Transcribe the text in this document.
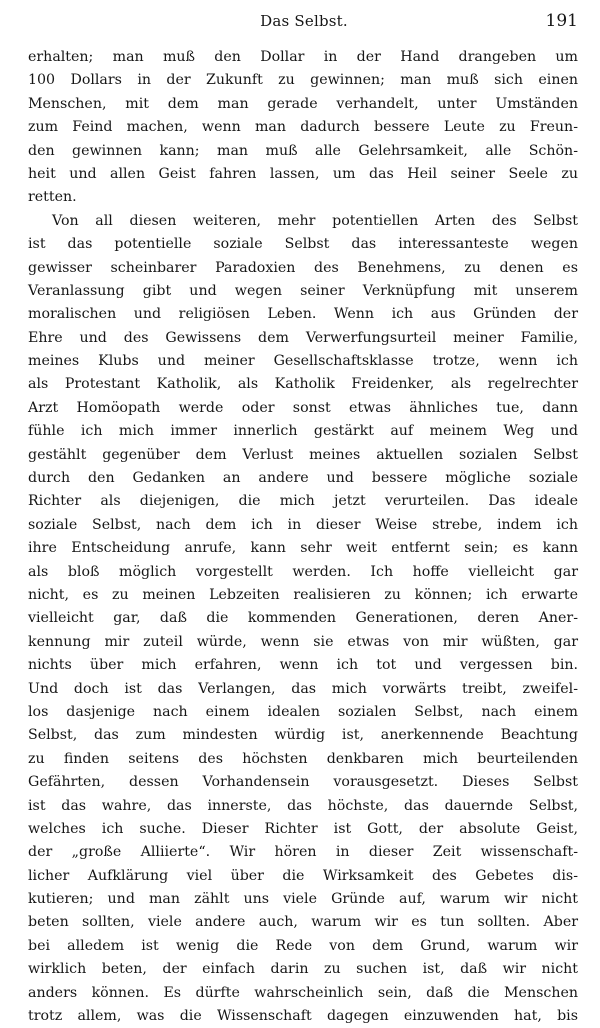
Das Selbst.	191
erhalten; man muß den Dollar in der Hand drangeben um
100 Dollars in der Zukunft zu gewinnen; man muß sich einen
Menschen, mit dem man gerade verhandelt, unter Umständen
zum Feind machen, wenn man dadurch bessere Leute zu Freun-
den gewinnen kann; man muß alle Gelehrsamkeit, alle Schön-
heit und allen Geist fahren lassen, um das Heil seiner Seele zu
retten.
Von all diesen weiteren, mehr potentiellen Arten des Selbst
ist das potentielle soziale Selbst das interessanteste wegen
gewisser scheinbarer Paradoxien des Benehmens, zu denen es
Veranlassung gibt und wegen seiner Verknüpfung mit unserem
moralischen und religiösen Leben. Wenn ich aus Gründen der
Ehre und des Gewissens dem Verwerfungsurteil meiner Familie,
meines Klubs und meiner Gesellschaftsklasse trotze, wenn ich
als Protestant Katholik, als Katholik Freidenker, als regelrechter
Arzt Homöopath werde oder sonst etwas ähnliches tue, dann
fühle ich mich immer innerlich gestärkt auf meinem Weg und
gestählt gegenüber dem Verlust meines aktuellen sozialen Selbst
durch den Gedanken an andere und bessere mögliche soziale
Richter als diejenigen, die mich jetzt verurteilen. Das ideale
soziale Selbst, nach dem ich in dieser Weise strebe, indem ich
ihre Entscheidung anrufe, kann sehr weit entfernt sein; es kann
als bloß möglich vorgestellt werden. Ich hoffe vielleicht gar
nicht, es zu meinen Lebzeiten realisieren zu können; ich erwarte
vielleicht gar, daß die kommenden Generationen, deren Aner-
kennung mir zuteil würde, wenn sie etwas von mir wüßten, gar
nichts über mich erfahren, wenn ich tot und vergessen bin.
Und doch ist das Verlangen, das mich vorwärts treibt, zweifel-
los dasjenige nach einem idealen sozialen Selbst, nach einem
Selbst, das zum mindesten würdig ist, anerkennende Beachtung
zu finden seitens des höchsten denkbaren mich beurteilenden
Gefährten, dessen Vorhandensein vorausgesetzt. Dieses Selbst
ist das wahre, das innerste, das höchste, das dauernde Selbst,
welches ich suche. Dieser Richter ist Gott, der absolute Geist,
der „große Alliierte“. Wir hören in dieser Zeit wissenschaft-
licher Aufklärung viel über die Wirksamkeit des Gebetes dis-
kutieren; und man zählt uns viele Gründe auf, warum wir nicht
beten sollten, viele andere auch, warum wir es tun sollten. Aber
bei alledem ist wenig die Rede von dem Grund, warum wir
wirklich beten, der einfach darin zu suchen ist, daß wir nicht
anders können. Es dürfte wahrscheinlich sein, daß die Menschen
trotz allem, was die Wissenschaft dagegen einzuwenden hat, bis
